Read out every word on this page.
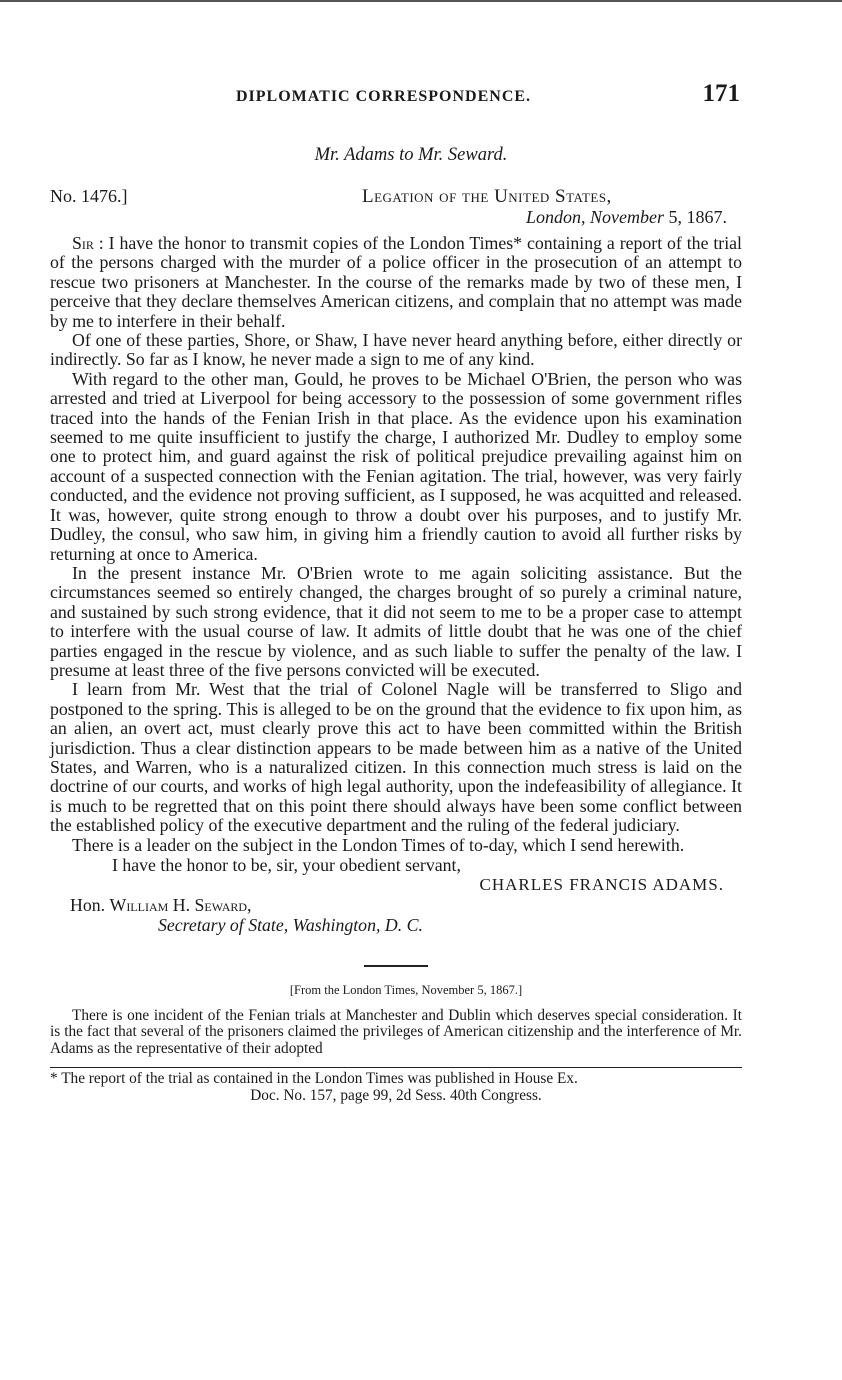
DIPLOMATIC CORRESPONDENCE.	171
Mr. Adams to Mr. Seward.
No. 1476.]	Legation of the United States,
London, November 5, 1867.

Sir : I have the honor to transmit copies of the London Times* containing a report of the trial of the persons charged with the murder of a police officer in the prosecution of an attempt to rescue two prisoners at Manchester. In the course of the remarks made by two of these men, I perceive that they declare themselves American citizens, and complain that no attempt was made by me to interfere in their behalf.

Of one of these parties, Shore, or Shaw, I have never heard anything before, either directly or indirectly. So far as I know, he never made a sign to me of any kind.

With regard to the other man, Gould, he proves to be Michael O'Brien, the person who was arrested and tried at Liverpool for being accessory to the possession of some government rifles traced into the hands of the Fenian Irish in that place. As the evidence upon his examination seemed to me quite insufficient to justify the charge, I authorized Mr. Dudley to employ some one to protect him, and guard against the risk of political prejudice prevailing against him on account of a suspected connection with the Fenian agitation. The trial, however, was very fairly conducted, and the evidence not proving sufficient, as I supposed, he was acquitted and released. It was, however, quite strong enough to throw a doubt over his purposes, and to justify Mr. Dudley, the consul, who saw him, in giving him a friendly caution to avoid all further risks by returning at once to America.

In the present instance Mr. O'Brien wrote to me again soliciting assistance. But the circumstances seemed so entirely changed, the charges brought of so purely a criminal nature, and sustained by such strong evidence, that it did not seem to me to be a proper case to attempt to interfere with the usual course of law. It admits of little doubt that he was one of the chief parties engaged in the rescue by violence, and as such liable to suffer the penalty of the law. I presume at least three of the five persons convicted will be executed.

I learn from Mr. West that the trial of Colonel Nagle will be transferred to Sligo and postponed to the spring. This is alleged to be on the ground that the evidence to fix upon him, as an alien, an overt act, must clearly prove this act to have been committed within the British jurisdiction. Thus a clear distinction appears to be made between him as a native of the United States, and Warren, who is a naturalized citizen. In this connection much stress is laid on the doctrine of our courts, and works of high legal authority, upon the indefeasibility of allegiance. It is much to be regretted that on this point there should always have been some conflict between the established policy of the executive department and the ruling of the federal judiciary.

There is a leader on the subject in the London Times of to-day, which I send herewith.

I have the honor to be, sir, your obedient servant,
CHARLES FRANCIS ADAMS.
Hon. William H. Seward,
Secretary of State, Washington, D. C.
[From the London Times, November 5, 1867.]

There is one incident of the Fenian trials at Manchester and Dublin which deserves special consideration. It is the fact that several of the prisoners claimed the privileges of American citizenship and the interference of Mr. Adams as the representative of their adopted

* The report of the trial as contained in the London Times was published in House Ex.
Doc. No. 157, page 99, 2d Sess. 40th Congress.
